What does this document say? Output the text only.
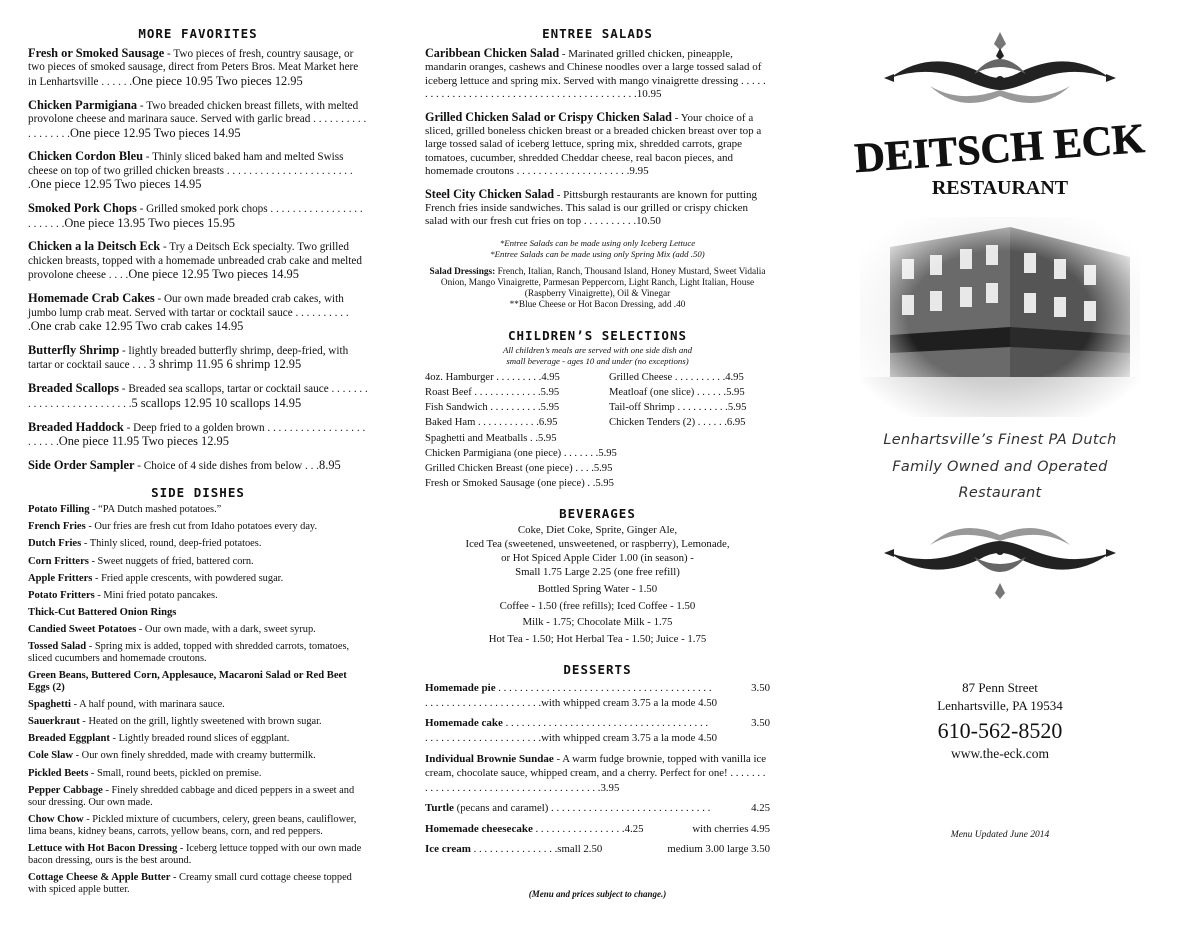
MORE FAVORITES

Fresh or Smoked Sausage - Two pieces of fresh, country sausage, or two pieces of smoked sausage, direct from Peters Bros. Meat Market here in Lenhartsville . . . . . .One piece 10.95 Two pieces 12.95

Chicken Parmigiana - Two breaded chicken breast fillets, with melted provolone cheese and marinara sauce. Served with garlic bread . . . . . . . . . . . . . . . . . .One piece 12.95 Two pieces 14.95

Chicken Cordon Bleu - Thinly sliced baked ham and melted Swiss cheese on top of two grilled chicken breasts . . . . . . . . . . . . . . . . . . . . . . . .One piece 12.95 Two pieces 14.95

Smoked Pork Chops - Grilled smoked pork chops . . . . . . . . . . . . . . . . . . . . . . . .One piece 13.95 Two pieces 15.95

Chicken a la Deitsch Eck - Try a Deitsch Eck specialty. Two grilled chicken breasts, topped with a homemade unbreaded crab cake and melted provolone cheese . . . .One piece 12.95 Two pieces 14.95

Homemade Crab Cakes - Our own made breaded crab cakes, with jumbo lump crab meat. Served with tartar or cocktail sauce . . . . . . . . . . .One crab cake 12.95 Two crab cakes 14.95

Butterfly Shrimp - lightly breaded butterfly shrimp, deep-fried, with tartar or cocktail sauce . . . 3 shrimp 11.95 6 shrimp 12.95

Breaded Scallops - Breaded sea scallops, tartar or cocktail sauce . . . . . . . . . . . . . . . . . . . . . . . . . .5 scallops 12.95 10 scallops 14.95

Breaded Haddock - Deep fried to a golden brown . . . . . . . . . . . . . . . . . . . . . . . .One piece 11.95 Two pieces 12.95

Side Order Sampler - Choice of 4 side dishes from below . . .8.95

SIDE DISHES

Potato Filling - “PA Dutch mashed potatoes.”

French Fries - Our fries are fresh cut from Idaho potatoes every day.

Dutch Fries - Thinly sliced, round, deep-fried potatoes.

Corn Fritters - Sweet nuggets of fried, battered corn.

Apple Fritters - Fried apple crescents, with powdered sugar.

Potato Fritters - Mini fried potato pancakes.

Thick-Cut Battered Onion Rings

Candied Sweet Potatoes - Our own made, with a dark, sweet syrup.

Tossed Salad - Spring mix is added, topped with shredded carrots, tomatoes, sliced cucumbers and homemade croutons.

Green Beans, Buttered Corn, Applesauce, Macaroni Salad or Red Beet Eggs (2)

Spaghetti - A half pound, with marinara sauce.

Sauerkraut - Heated on the grill, lightly sweetened with brown sugar.

Breaded Eggplant - Lightly breaded round slices of eggplant.

Cole Slaw - Our own finely shredded, made with creamy buttermilk.

Pickled Beets - Small, round beets, pickled on premise.

Pepper Cabbage - Finely shredded cabbage and diced peppers in a sweet and sour dressing. Our own made.

Chow Chow - Pickled mixture of cucumbers, celery, green beans, cauliflower, lima beans, kidney beans, carrots, yellow beans, corn, and red peppers.

Lettuce with Hot Bacon Dressing - Iceberg lettuce topped with our own made bacon dressing, ours is the best around.

Cottage Cheese & Apple Butter - Creamy small curd cottage cheese topped with spiced apple butter.

ENTREE SALADS

Caribbean Chicken Salad - Marinated grilled chicken, pineapple, mandarin oranges, cashews and Chinese noodles over a large tossed salad of iceberg lettuce and spring mix. Served with mango vinaigrette dressing . . . . . . . . . . . . . . . . . . . . . . . . . . . . . . . . . . . . . . . . . . . .10.95

Grilled Chicken Salad or Crispy Chicken Salad - Your choice of a sliced, grilled boneless chicken breast or a breaded chicken breast over top a large tossed salad of iceberg lettuce, spring mix, shredded carrots, grape tomatoes, cucumber, shredded Cheddar cheese, real bacon pieces, and homemade croutons . . . . . . . . . . . . . . . . . . . . .9.95

Steel City Chicken Salad - Pittsburgh restaurants are known for putting French fries inside sandwiches. This salad is our grilled or crispy chicken salad with our fresh cut fries on top . . . . . . . . . .10.50

*Entree Salads can be made using only Iceberg Lettuce

*Entree Salads can be made using only Spring Mix (add .50)

Salad Dressings: French, Italian, Ranch, Thousand Island, Honey Mustard, Sweet Vidalia Onion, Mango Vinaigrette, Parmesan Peppercorn, Light Ranch, Light Italian, House (Raspberry Vinaigrette), Oil & Vinegar
**Blue Cheese or Hot Bacon Dressing, add .40

CHILDREN’S SELECTIONS

All children’s meals are served with one side dish and

small beverage - ages 10 and under (no exceptions)

4oz. Hamburger . . . . . . . . .4.95	Grilled Cheese . . . . . . . . . .4.95
Roast Beef . . . . . . . . . . . . .5.95	Meatloaf (one slice) . . . . . .5.95
Fish Sandwich . . . . . . . . . .5.95	Tail-off Shrimp . . . . . . . . . .5.95
Baked Ham . . . . . . . . . . . .6.95	Chicken Tenders (2) . . . . . .6.95
Spaghetti and Meatballs . .5.95
Chicken Parmigiana (one piece) . . . . . . .5.95
Grilled Chicken Breast (one piece) . . . .5.95
Fresh or Smoked Sausage (one piece) . .5.95
BEVERAGES
Coke, Diet Coke, Sprite, Ginger Ale,
Iced Tea (sweetened, unsweetened, or raspberry), Lemonade,
or Hot Spiced Apple Cider 1.00 (in season) -
Small 1.75 Large 2.25 (one free refill)
Bottled Spring Water - 1.50
Coffee - 1.50 (free refills); Iced Coffee - 1.50
Milk - 1.75; Chocolate Milk - 1.75
Hot Tea - 1.50; Hot Herbal Tea - 1.50; Juice - 1.75
DESSERTS
Homemade pie . . . . . . . . . . . . . . . . . . . . . . . . . . . . . . . . . . . . . . . .	3.50
. . . . . . . . . . . . . . . . . . . . . .with whipped cream 3.75 a la mode 4.50
Homemade cake . . . . . . . . . . . . . . . . . . . . . . . . . . . . . . . . . . . . . .	3.50
. . . . . . . . . . . . . . . . . . . . . .with whipped cream 3.75 a la mode 4.50
Individual Brownie Sundae - A warm fudge brownie, topped with vanilla ice cream, chocolate sauce, whipped cream, and a cherry. Perfect for one! . . . . . . . . . . . . . . . . . . . . . . . . . . . . . . . . . . . . . . . .3.95
Turtle (pecans and caramel) . . . . . . . . . . . . . . . . . . . . . . . . . . . . . .	4.25
Homemade cheesecake . . . . . . . . . . . . . . . . .4.25	with cherries 4.95
Ice cream . . . . . . . . . . . . . . . .small 2.50	medium 3.00 large 3.50
(Menu and prices subject to change.)
DEITSCH ECK
RESTAURANT
Lenhartsville’s Finest PA Dutch
Family Owned and Operated
Restaurant
87 Penn Street
Lenhartsville, PA 19534
610-562-8520
www.the-eck.com
Menu Updated June 2014
